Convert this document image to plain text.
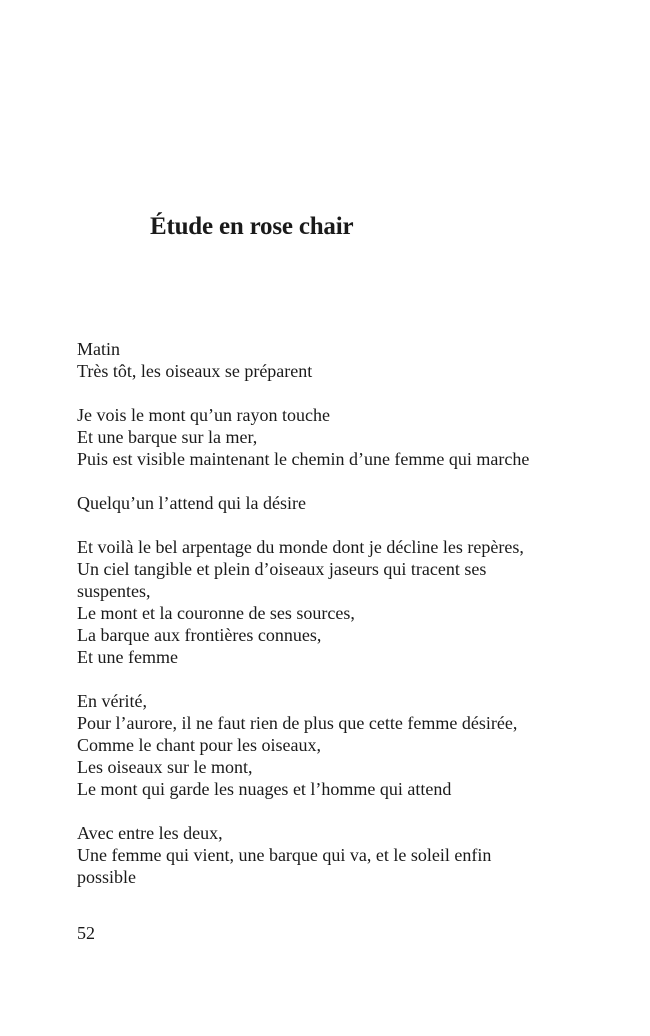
Étude en rose chair
Matin
Très tôt, les oiseaux se préparent
Je vois le mont qu’un rayon touche
Et une barque sur la mer,
Puis est visible maintenant le chemin d’une femme qui marche
Quelqu’un l’attend qui la désire
Et voilà le bel arpentage du monde dont je décline les repères,
Un ciel tangible et plein d’oiseaux jaseurs qui tracent ses
suspentes,
Le mont et la couronne de ses sources,
La barque aux frontières connues,
Et une femme
En vérité,
Pour l’aurore, il ne faut rien de plus que cette femme désirée,
Comme le chant pour les oiseaux,
Les oiseaux sur le mont,
Le mont qui garde les nuages et l’homme qui attend
Avec entre les deux,
Une femme qui vient, une barque qui va, et le soleil enfin
possible
52
